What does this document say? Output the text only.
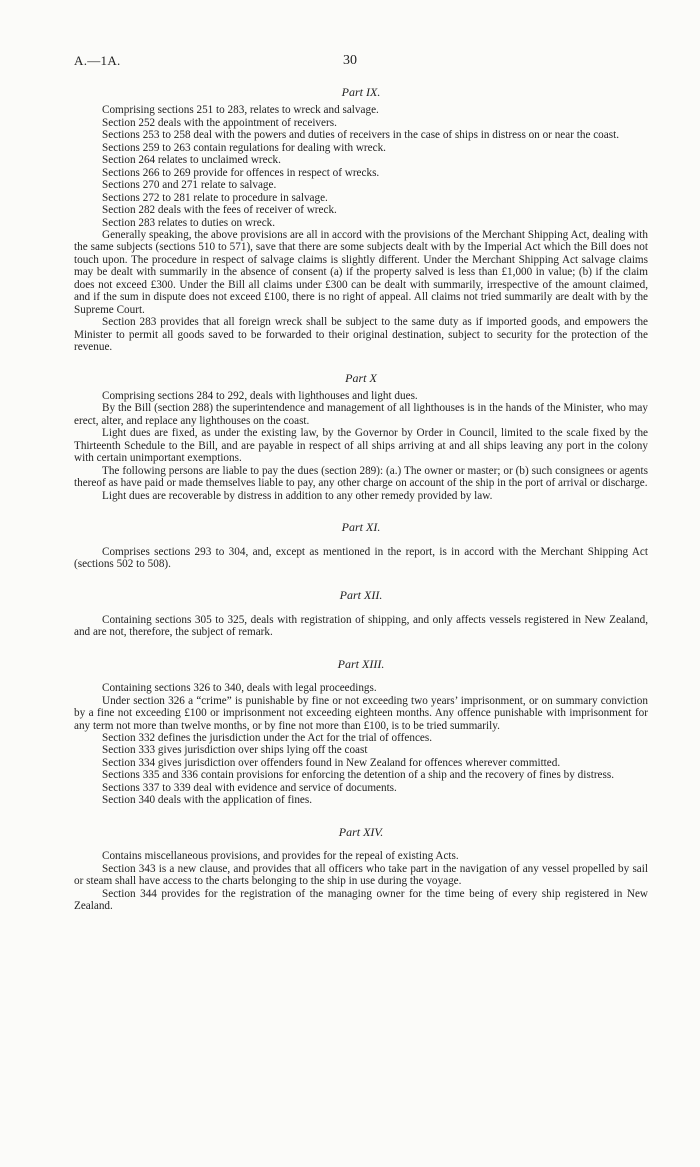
A.—1A.	30
Part IX.

Comprising sections 251 to 283, relates to wreck and salvage.

Section 252 deals with the appointment of receivers.

Sections 253 to 258 deal with the powers and duties of receivers in the case of ships in distress on or near the coast.

Sections 259 to 263 contain regulations for dealing with wreck.

Section 264 relates to unclaimed wreck.

Sections 266 to 269 provide for offences in respect of wrecks.

Sections 270 and 271 relate to salvage.

Sections 272 to 281 relate to procedure in salvage.

Section 282 deals with the fees of receiver of wreck.

Section 283 relates to duties on wreck.

Generally speaking, the above provisions are all in accord with the provisions of the Merchant Shipping Act, dealing with the same subjects (sections 510 to 571), save that there are some subjects dealt with by the Imperial Act which the Bill does not touch upon. The procedure in respect of salvage claims is slightly different. Under the Merchant Shipping Act salvage claims may be dealt with summarily in the absence of consent (a) if the property salved is less than £1,000 in value; (b) if the claim does not exceed £300. Under the Bill all claims under £300 can be dealt with summarily, irrespective of the amount claimed, and if the sum in dispute does not exceed £100, there is no right of appeal. All claims not tried summarily are dealt with by the Supreme Court.

Section 283 provides that all foreign wreck shall be subject to the same duty as if imported goods, and empowers the Minister to permit all goods saved to be forwarded to their original destination, subject to security for the protection of the revenue.

Part X

Comprising sections 284 to 292, deals with lighthouses and light dues.

By the Bill (section 288) the superintendence and management of all lighthouses is in the hands of the Minister, who may erect, alter, and replace any lighthouses on the coast.

Light dues are fixed, as under the existing law, by the Governor by Order in Council, limited to the scale fixed by the Thirteenth Schedule to the Bill, and are payable in respect of all ships arriving at and all ships leaving any port in the colony with certain unimportant exemptions.

The following persons are liable to pay the dues (section 289): (a.) The owner or master; or (b) such consignees or agents thereof as have paid or made themselves liable to pay, any other charge on account of the ship in the port of arrival or discharge.

Light dues are recoverable by distress in addition to any other remedy provided by law.

Part XI.

Comprises sections 293 to 304, and, except as mentioned in the report, is in accord with the Merchant Shipping Act (sections 502 to 508).

Part XII.

Containing sections 305 to 325, deals with registration of shipping, and only affects vessels registered in New Zealand, and are not, therefore, the subject of remark.

Part XIII.

Containing sections 326 to 340, deals with legal proceedings.

Under section 326 a “crime” is punishable by fine or not exceeding two years’ imprisonment, or on summary conviction by a fine not exceeding £100 or imprisonment not exceeding eighteen months. Any offence punishable with imprisonment for any term not more than twelve months, or by fine not more than £100, is to be tried summarily.

Section 332 defines the jurisdiction under the Act for the trial of offences.

Section 333 gives jurisdiction over ships lying off the coast

Section 334 gives jurisdiction over offenders found in New Zealand for offences wherever committed.

Sections 335 and 336 contain provisions for enforcing the detention of a ship and the recovery of fines by distress.

Sections 337 to 339 deal with evidence and service of documents.

Section 340 deals with the application of fines.

Part XIV.

Contains miscellaneous provisions, and provides for the repeal of existing Acts.

Section 343 is a new clause, and provides that all officers who take part in the navigation of any vessel propelled by sail or steam shall have access to the charts belonging to the ship in use during the voyage.

Section 344 provides for the registration of the managing owner for the time being of every ship registered in New Zealand.
